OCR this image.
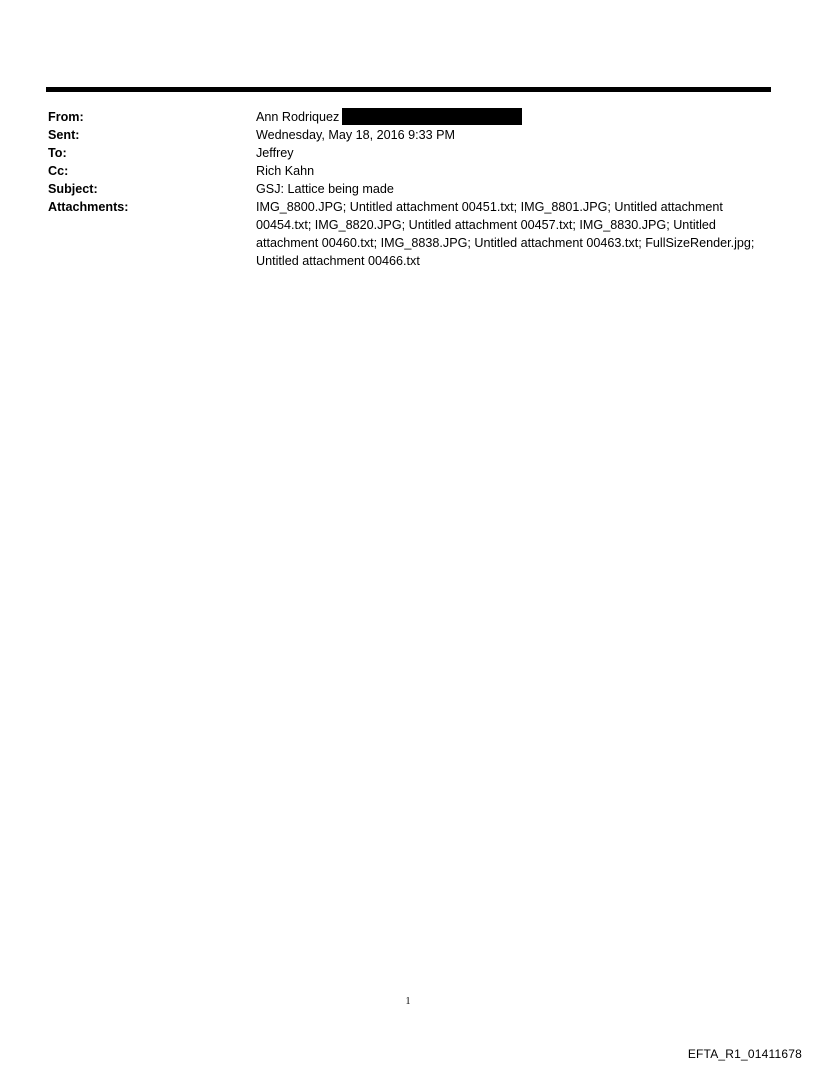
From:	Ann Rodriquez
Sent:	Wednesday, May 18, 2016 9:33 PM
To:	Jeffrey
Cc:	Rich Kahn
Subject:	GSJ: Lattice being made
Attachments:	IMG_8800.JPG; Untitled attachment 00451.txt; IMG_8801.JPG; Untitled attachment 00454.txt; IMG_8820.JPG; Untitled attachment 00457.txt; IMG_8830.JPG; Untitled attachment 00460.txt; IMG_8838.JPG; Untitled attachment 00463.txt; FullSizeRender.jpg; Untitled attachment 00466.txt
1
EFTA_R1_01411678
